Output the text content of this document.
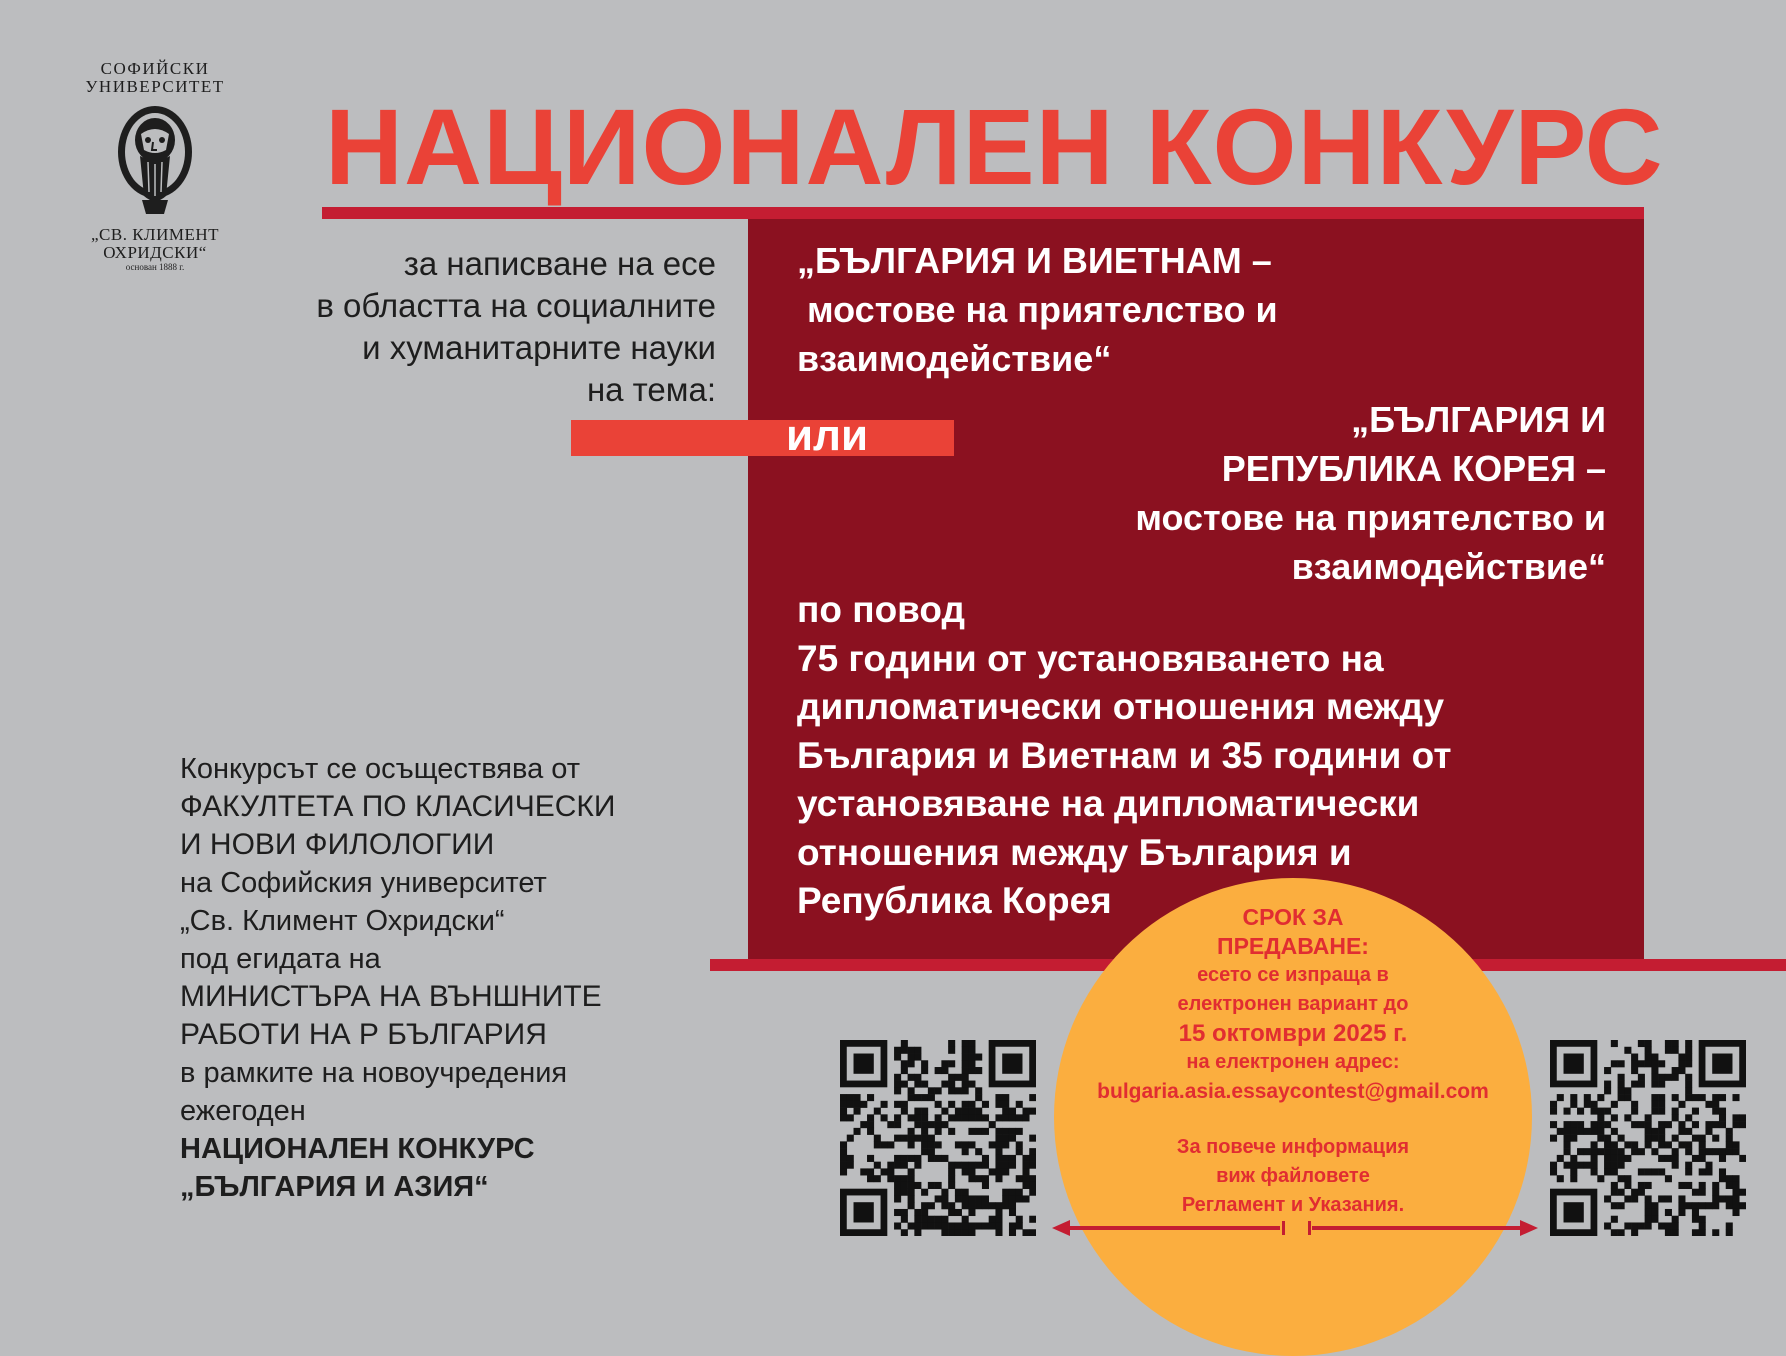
СОФИЙСКИ
УНИВЕРСИТЕТ
„СВ. КЛИМЕНТ
ОХРИДСКИ“
основан 1888 г.
НАЦИОНАЛЕН КОНКУРС
за написване на есе
в областта на социалните
и хуманитарните науки
на тема:
или
„БЪЛГАРИЯ И ВИЕТНАМ –
мостове на приятелство и
взаимодействие“
„БЪЛГАРИЯ И
РЕПУБЛИКА КОРЕЯ –
мостове на приятелство и
взаимодействие“
по повод
75 години от установяването на
дипломатически отношения между
България и Виетнам и 35 години от
установяване на дипломатически
отношения между България и
Република Корея
Конкурсът се осъществява от
ФАКУЛТЕТА ПО КЛАСИЧЕСКИ
И НОВИ ФИЛОЛОГИИ
на Софийския университет
„Св. Климент Охридски“
под егидата на
МИНИСТЪРА НА ВЪНШНИТЕ
РАБОТИ НА Р БЪЛГАРИЯ
в рамките на новоучредения
ежегоден
НАЦИОНАЛЕН КОНКУРС
„БЪЛГАРИЯ И АЗИЯ“
СРОК ЗА
ПРЕДАВАНЕ:
есето се изпраща в
електронен вариант до
15 октомври 2025 г.
на електронен адрес:
bulgaria.asia.essaycontest@gmail.com
За повече информация
виж файловете
Регламент и Указания.
